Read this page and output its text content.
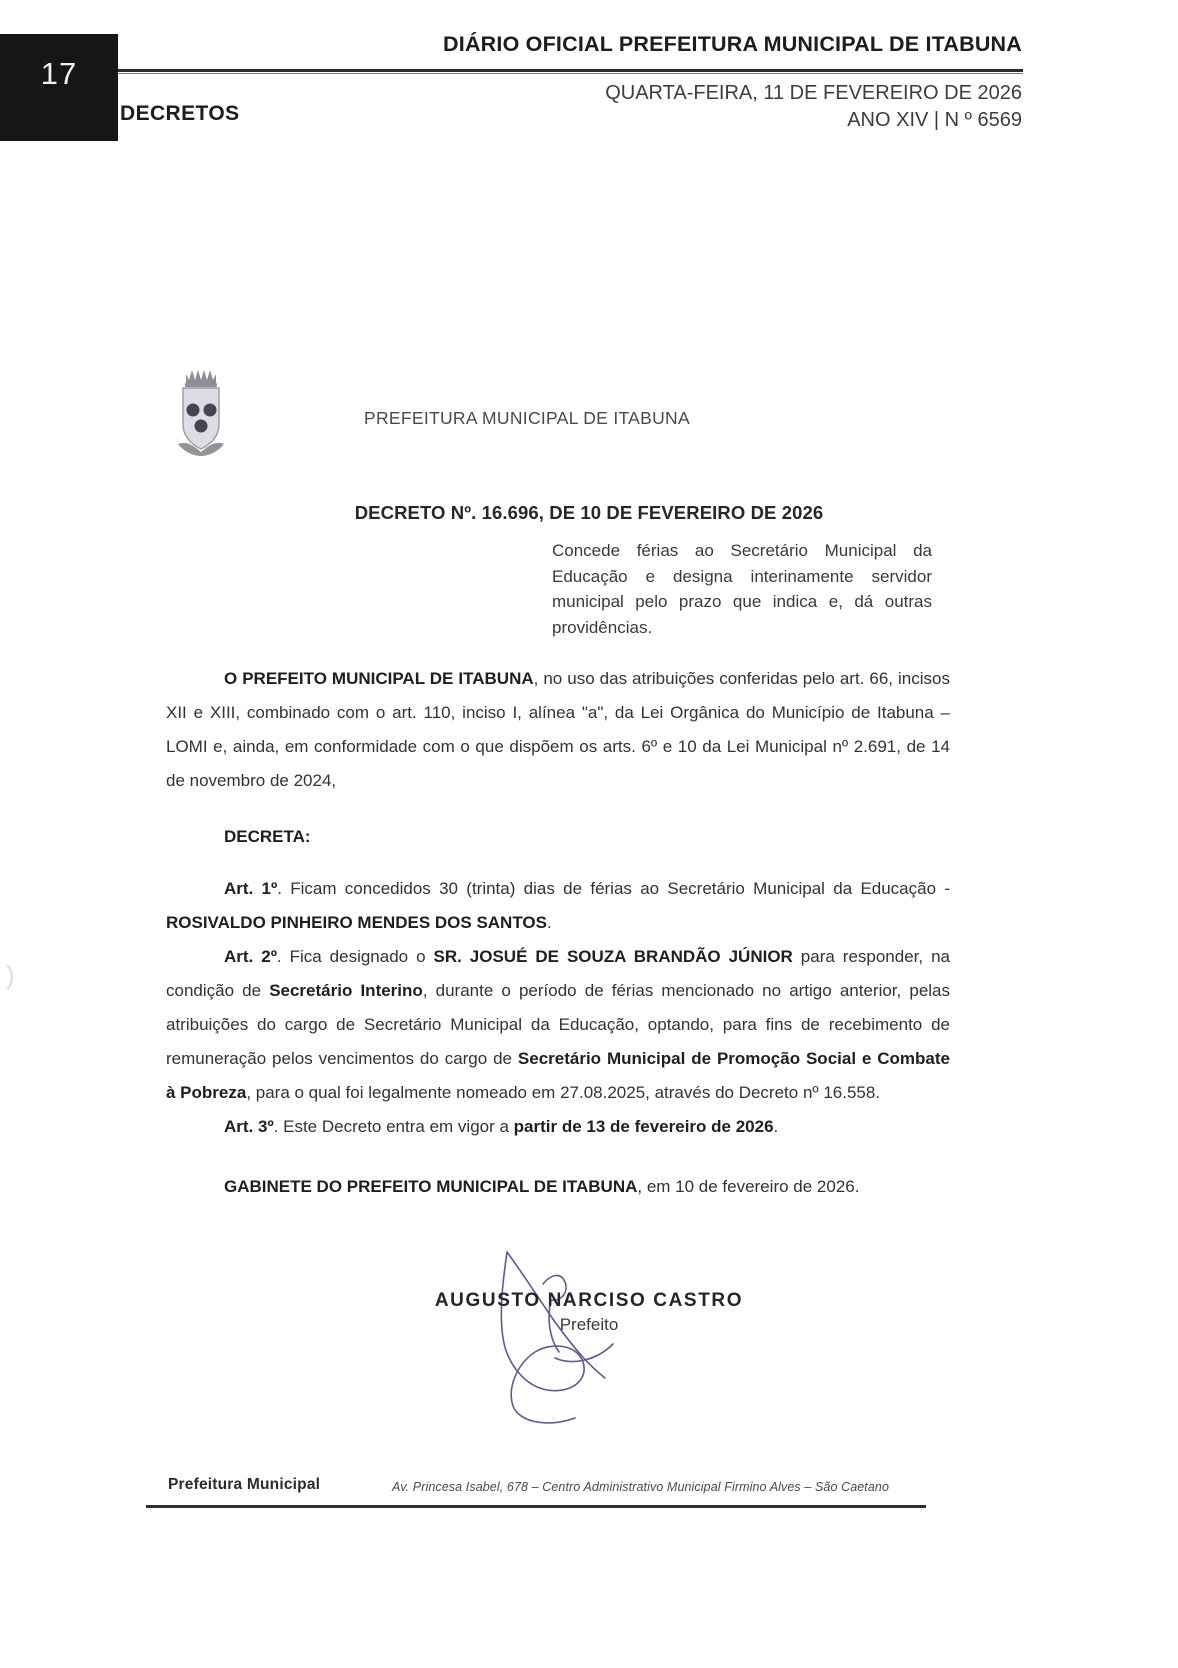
17
DIÁRIO OFICIAL PREFEITURA MUNICIPAL DE ITABUNA
DECRETOS
QUARTA-FEIRA, 11 DE FEVEREIRO DE 2026
ANO XIV | N º 6569
PREFEITURA MUNICIPAL DE ITABUNA
DECRETO Nº. 16.696, DE 10 DE FEVEREIRO DE 2026
Concede férias ao Secretário Municipal da Educação e designa interinamente servidor municipal pelo prazo que indica e, dá outras providências.

O PREFEITO MUNICIPAL DE ITABUNA, no uso das atribuições conferidas pelo art. 66, incisos XII e XIII, combinado com o art. 110, inciso I, alínea "a", da Lei Orgânica do Município de Itabuna – LOMI e, ainda, em conformidade com o que dispõem os arts. 6º e 10 da Lei Municipal nº 2.691, de 14 de novembro de 2024,

DECRETA:

Art. 1º. Ficam concedidos 30 (trinta) dias de férias ao Secretário Municipal da Educação - ROSIVALDO PINHEIRO MENDES DOS SANTOS.

Art. 2º. Fica designado o SR. JOSUÉ DE SOUZA BRANDÃO JÚNIOR para responder, na condição de Secretário Interino, durante o período de férias mencionado no artigo anterior, pelas atribuições do cargo de Secretário Municipal da Educação, optando, para fins de recebimento de remuneração pelos vencimentos do cargo de Secretário Municipal de Promoção Social e Combate à Pobreza, para o qual foi legalmente nomeado em 27.08.2025, através do Decreto nº 16.558.

Art. 3º. Este Decreto entra em vigor a partir de 13 de fevereiro de 2026.

GABINETE DO PREFEITO MUNICIPAL DE ITABUNA, em 10 de fevereiro de 2026.

AUGUSTO NARCISO CASTRO
Prefeito
Prefeitura Municipal	Av. Princesa Isabel, 678 – Centro Administrativo Municipal Firmino Alves – São Caetano
)
